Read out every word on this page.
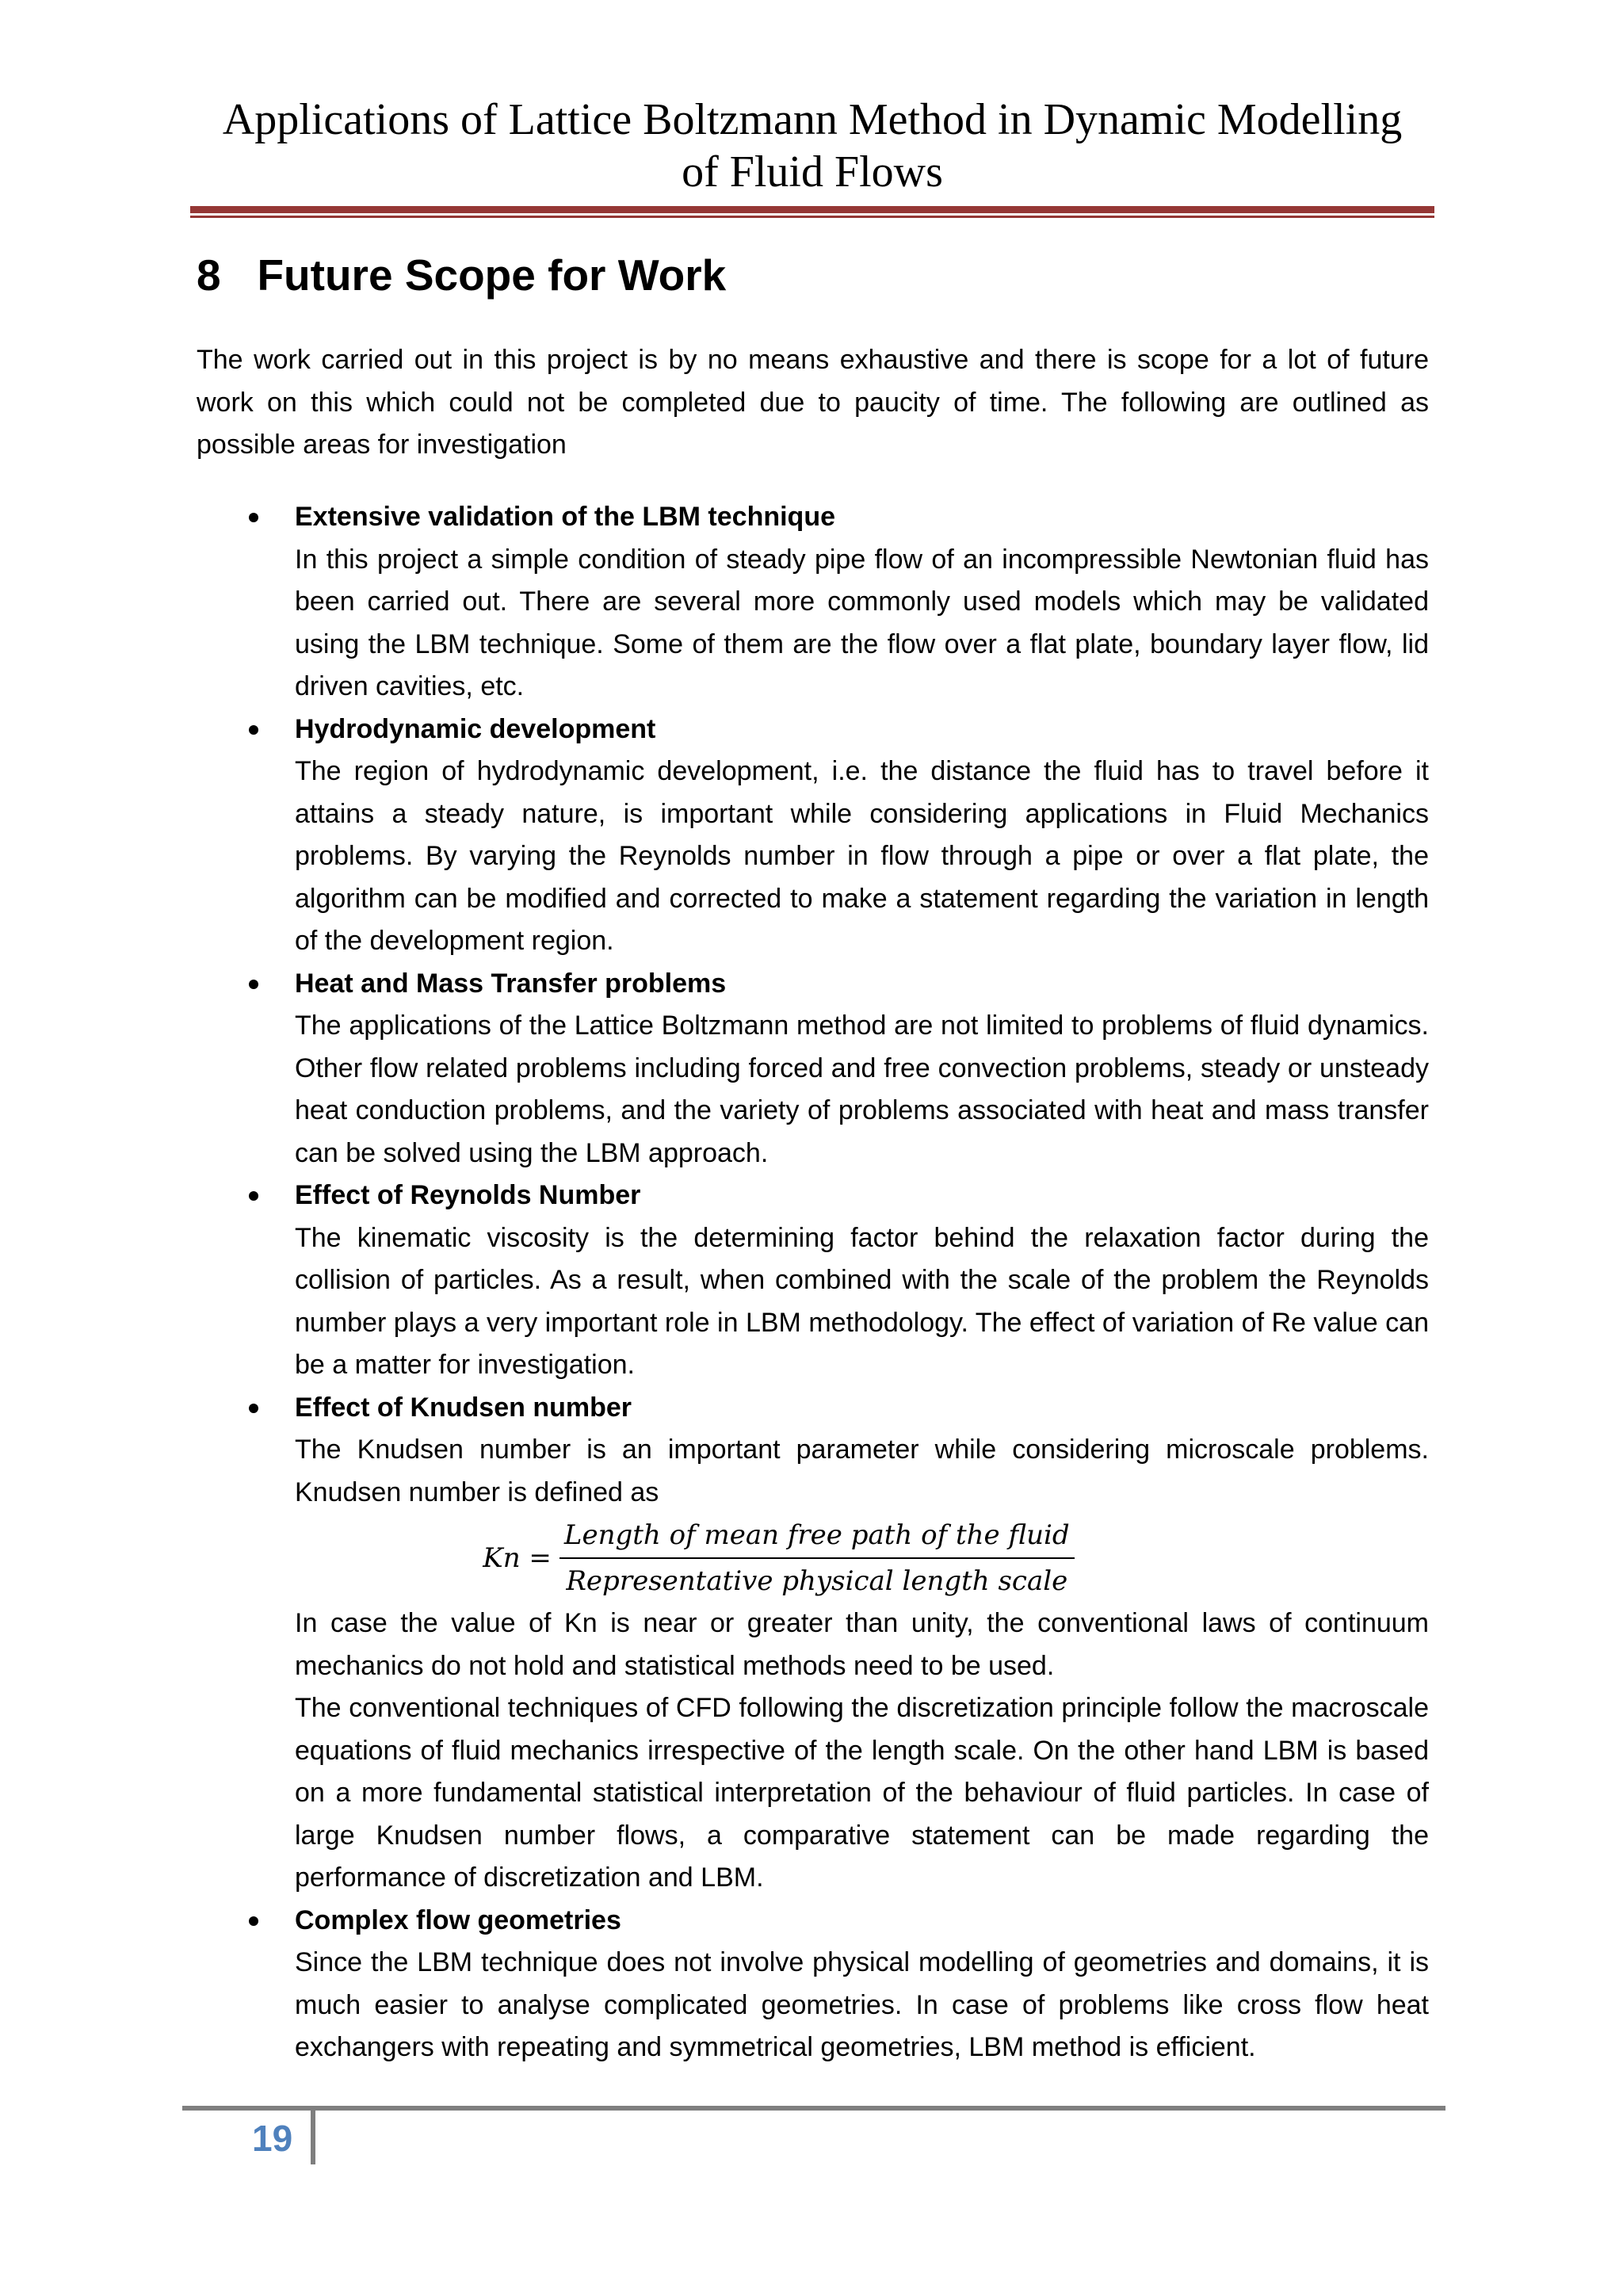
Applications of Lattice Boltzmann Method in Dynamic Modelling
of Fluid Flows
8 Future Scope for Work

The work carried out in this project is by no means exhaustive and there is scope for a lot of future work on this which could not be completed due to paucity of time. The following are outlined as possible areas for investigation

Extensive validation of the LBM technique

In this project a simple condition of steady pipe flow of an incompressible Newtonian fluid has been carried out. There are several more commonly used models which may be validated using the LBM technique. Some of them are the flow over a flat plate, boundary layer flow, lid driven cavities, etc.

Hydrodynamic development

The region of hydrodynamic development, i.e. the distance the fluid has to travel before it attains a steady nature, is important while considering applications in Fluid Mechanics problems. By varying the Reynolds number in flow through a pipe or over a flat plate, the algorithm can be modified and corrected to make a statement regarding the variation in length of the development region.

Heat and Mass Transfer problems

The applications of the Lattice Boltzmann method are not limited to problems of fluid dynamics. Other flow related problems including forced and free convection problems, steady or unsteady heat conduction problems, and the variety of problems associated with heat and mass transfer can be solved using the LBM approach.

Effect of Reynolds Number

The kinematic viscosity is the determining factor behind the relaxation factor during the collision of particles. As a result, when combined with the scale of the problem the Reynolds number plays a very important role in LBM methodology. The effect of variation of Re value can be a matter for investigation.

Effect of Knudsen number

The Knudsen number is an important parameter while considering microscale problems. Knudsen number is defined as

$Kn = \frac{\text{Length of mean free path of the fluid}}{\text{Representative physical length scale}}$

In case the value of Kn is near or greater than unity, the conventional laws of continuum mechanics do not hold and statistical methods need to be used.

The conventional techniques of CFD following the discretization principle follow the macroscale equations of fluid mechanics irrespective of the length scale. On the other hand LBM is based on a more fundamental statistical interpretation of the behaviour of fluid particles. In case of large Knudsen number flows, a comparative statement can be made regarding the performance of discretization and LBM.

Complex flow geometries

Since the LBM technique does not involve physical modelling of geometries and domains, it is much easier to analyse complicated geometries. In case of problems like cross flow heat exchangers with repeating and symmetrical geometries, LBM method is efficient.

19
